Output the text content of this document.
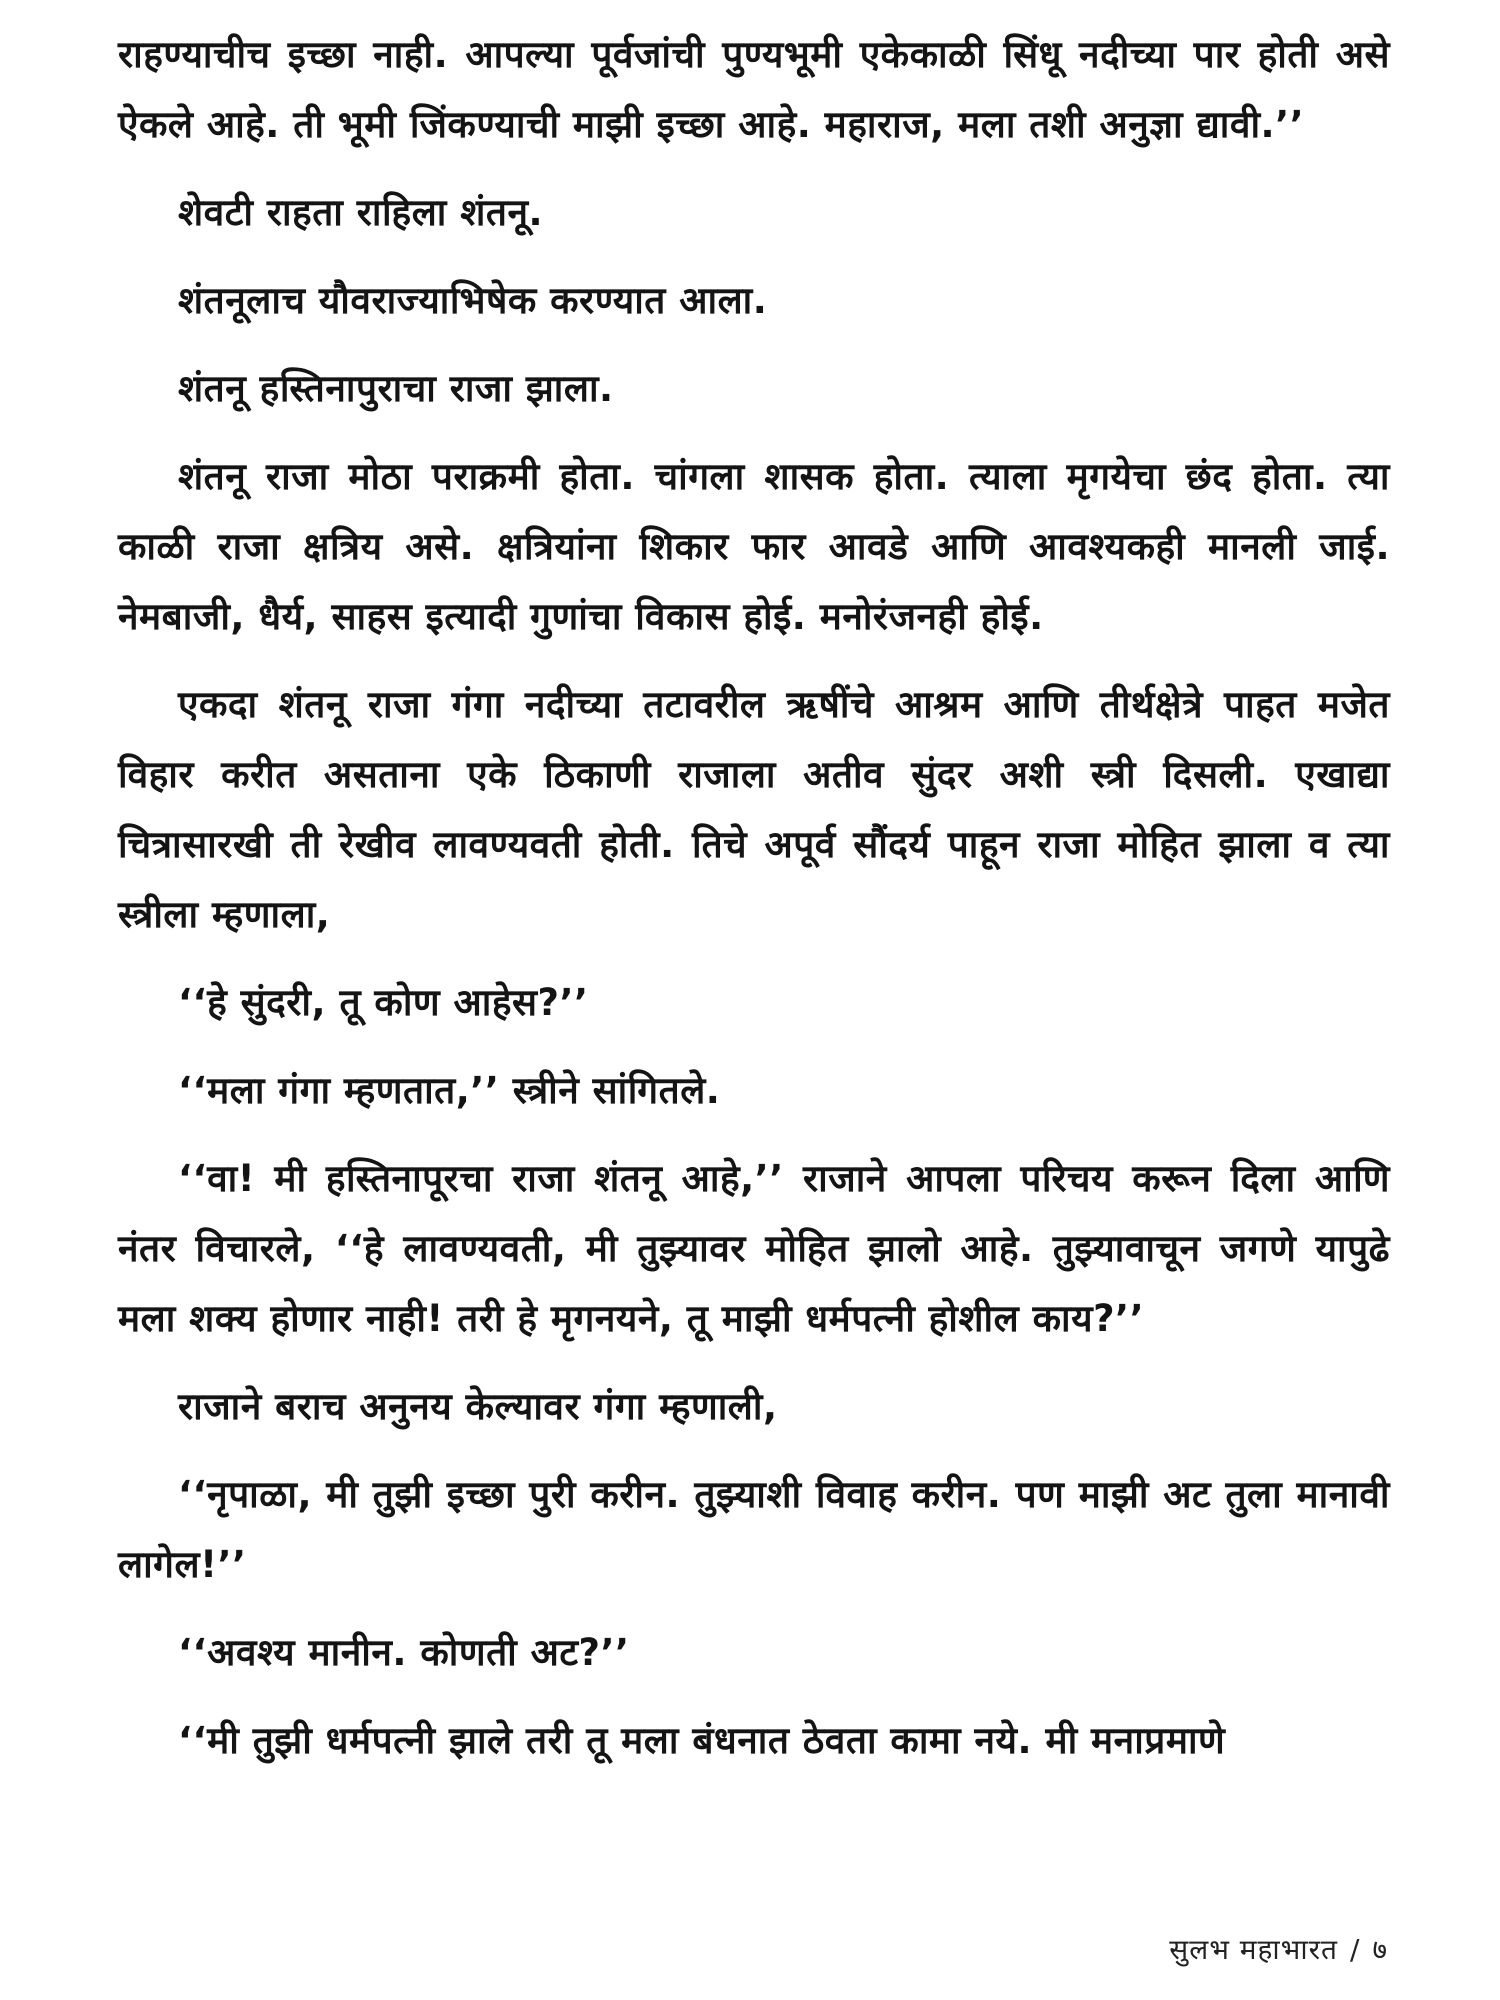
राहण्याचीच इच्छा नाही. आपल्या पूर्वजांची पुण्यभूमी एकेकाळी सिंधू नदीच्या पार होती असे ऐकले आहे. ती भूमी जिंकण्याची माझी इच्छा आहे. महाराज, मला तशी अनुज्ञा द्यावी.’’

शेवटी राहता राहिला शंतनू.

शंतनूलाच यौवराज्याभिषेक करण्यात आला.

शंतनू हस्तिनापुराचा राजा झाला.

शंतनू राजा मोठा पराक्रमी होता. चांगला शासक होता. त्याला मृगयेचा छंद होता. त्या काळी राजा क्षत्रिय असे. क्षत्रियांना शिकार फार आवडे आणि आवश्यकही मानली जाई. नेमबाजी, धैर्य, साहस इत्यादी गुणांचा विकास होई. मनोरंजनही होई.

एकदा शंतनू राजा गंगा नदीच्या तटावरील ऋषींचे आश्रम आणि तीर्थक्षेत्रे पाहत मजेत विहार करीत असताना एके ठिकाणी राजाला अतीव सुंदर अशी स्त्री दिसली. एखाद्या चित्रासारखी ती रेखीव लावण्यवती होती. तिचे अपूर्व सौंदर्य पाहून राजा मोहित झाला व त्या स्त्रीला म्हणाला,

‘‘हे सुंदरी, तू कोण आहेस?’’

‘‘मला गंगा म्हणतात,’’ स्त्रीने सांगितले.

‘‘वा! मी हस्तिनापूरचा राजा शंतनू आहे,’’ राजाने आपला परिचय करून दिला आणि नंतर विचारले, ‘‘हे लावण्यवती, मी तुझ्यावर मोहित झालो आहे. तुझ्यावाचून जगणे यापुढे मला शक्य होणार नाही! तरी हे मृगनयने, तू माझी धर्मपत्नी होशील काय?’’

राजाने बराच अनुनय केल्यावर गंगा म्हणाली,

‘‘नृपाळा, मी तुझी इच्छा पुरी करीन. तुझ्याशी विवाह करीन. पण माझी अट तुला मानावी लागेल!’’

‘‘अवश्य मानीन. कोणती अट?’’

‘‘मी तुझी धर्मपत्नी झाले तरी तू मला बंधनात ठेवता कामा नये. मी मनाप्रमाणे

सुलभ महाभारत / ७
